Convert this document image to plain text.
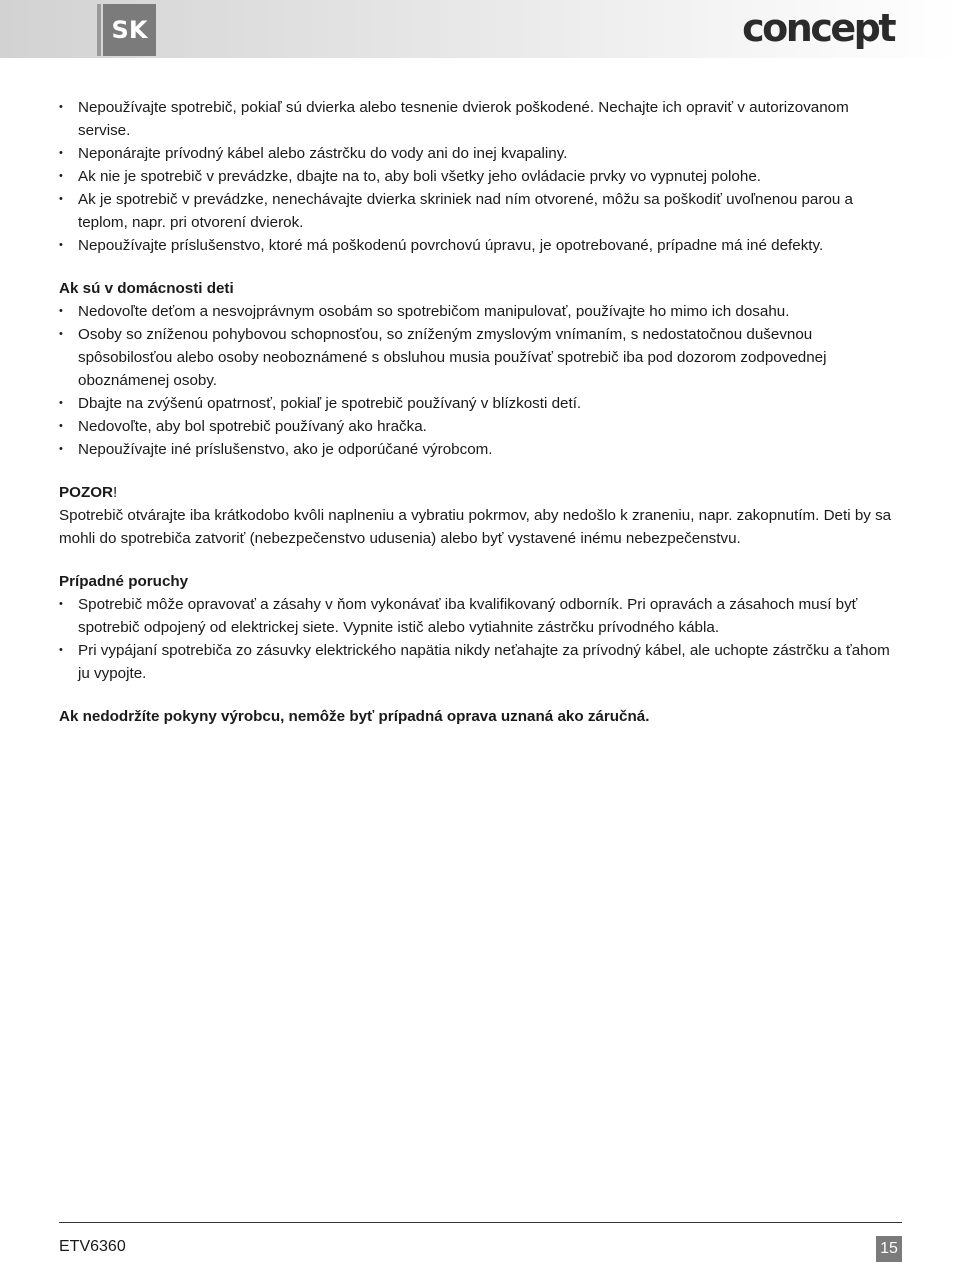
SK	concept
• Nepoužívajte spotrebič, pokiaľ sú dvierka alebo tesnenie dvierok poškodené. Nechajte ich opraviť v autorizovanom servise.
• Neponárajte prívodný kábel alebo zástrčku do vody ani do inej kvapaliny.
• Ak nie je spotrebič v prevádzke, dbajte na to, aby boli všetky jeho ovládacie prvky vo vypnutej polohe.
• Ak je spotrebič v prevádzke, nenechávajte dvierka skriniek nad ním otvorené, môžu sa poškodiť uvoľnenou parou a teplom, napr. pri otvorení dvierok.
• Nepoužívajte príslušenstvo, ktoré má poškodenú povrchovú úpravu, je opotrebované, prípadne má iné defekty.

Ak sú v domácnosti deti

• Nedovoľte deťom a nesvojprávnym osobám so spotrebičom manipulovať, používajte ho mimo ich dosahu.
• Osoby so zníženou pohybovou schopnosťou, so zníženým zmyslovým vnímaním, s nedostatočnou duševnou spôsobilosťou alebo osoby neoboznámené s obsluhou musia používať spotrebič iba pod dozorom zodpovednej oboznámenej osoby.
• Dbajte na zvýšenú opatrnosť, pokiaľ je spotrebič používaný v blízkosti detí.
• Nedovoľte, aby bol spotrebič používaný ako hračka.
• Nepoužívajte iné príslušenstvo, ako je odporúčané výrobcom.

POZOR!

Spotrebič otvárajte iba krátkodobo kvôli naplneniu a vybratiu pokrmov, aby nedošlo k zraneniu, napr. zakopnutím. Deti by sa mohli do spotrebiča zatvoriť (nebezpečenstvo udusenia) alebo byť vystavené inému nebezpečenstvu.

Prípadné poruchy

• Spotrebič môže opravovať a zásahy v ňom vykonávať iba kvalifikovaný odborník. Pri opravách a zásahoch musí byť spotrebič odpojený od elektrickej siete. Vypnite istič alebo vytiahnite zástrčku prívodného kábla.
• Pri vypájaní spotrebiča zo zásuvky elektrického napätia nikdy neťahajte za prívodný kábel, ale uchopte zástrčku a ťahom ju vypojte.

Ak nedodržíte pokyny výrobcu, nemôže byť prípadná oprava uznaná ako záručná.

ETV6360	15
